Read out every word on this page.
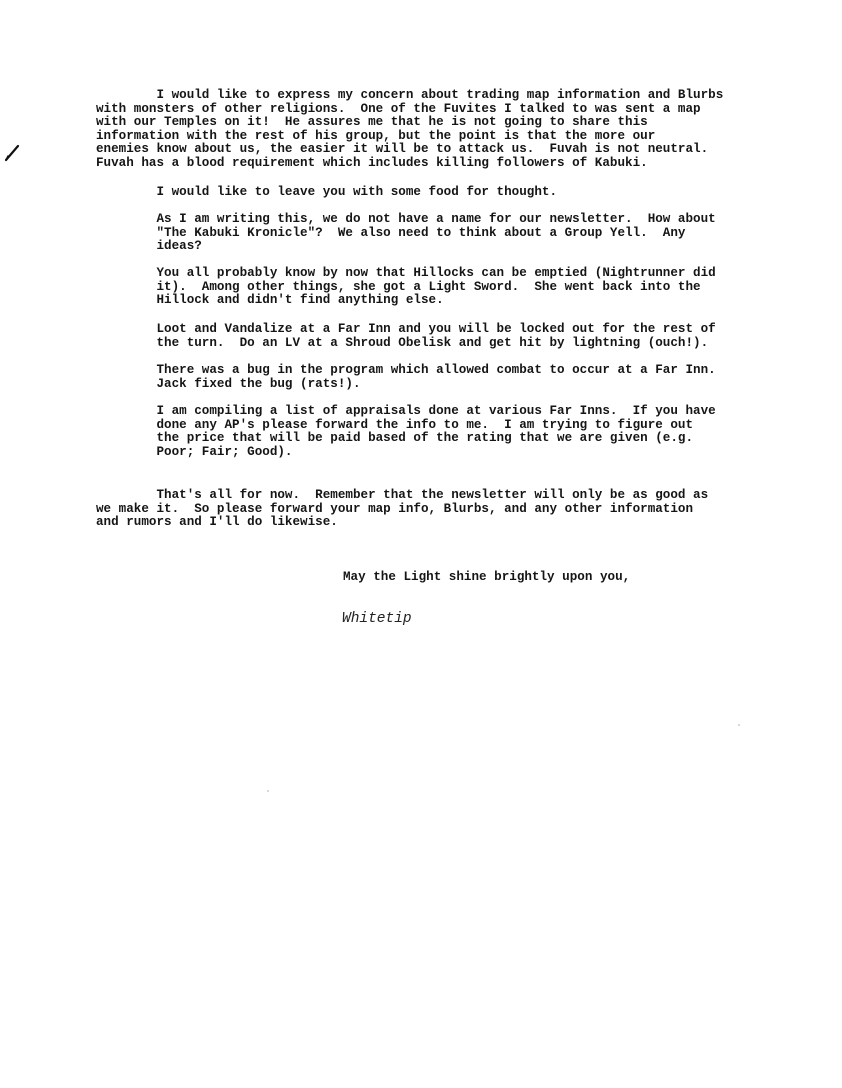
I would like to express my concern about trading map information and Blurbs
with monsters of other religions.  One of the Fuvites I talked to was sent a map
with our Temples on it!  He assures me that he is not going to share this
information with the rest of his group, but the point is that the more our
enemies know about us, the easier it will be to attack us.  Fuvah is not neutral.
Fuvah has a blood requirement which includes killing followers of Kabuki.

I would like to leave you with some food for thought.

As I am writing this, we do not have a name for our newsletter.  How about
"The Kabuki Kronicle"?  We also need to think about a Group Yell.  Any
ideas?

You all probably know by now that Hillocks can be emptied (Nightrunner did
it).  Among other things, she got a Light Sword.  She went back into the
Hillock and didn't find anything else.

Loot and Vandalize at a Far Inn and you will be locked out for the rest of
the turn.  Do an LV at a Shroud Obelisk and get hit by lightning (ouch!).

There was a bug in the program which allowed combat to occur at a Far Inn.
Jack fixed the bug (rats!).

I am compiling a list of appraisals done at various Far Inns.  If you have
done any AP's please forward the info to me.  I am trying to figure out
the price that will be paid based of the rating that we are given (e.g.
Poor; Fair; Good).

That's all for now.  Remember that the newsletter will only be as good as
we make it.  So please forward your map info, Blurbs, and any other information
and rumors and I'll do likewise.

May the Light shine brightly upon you,

Whitetip
